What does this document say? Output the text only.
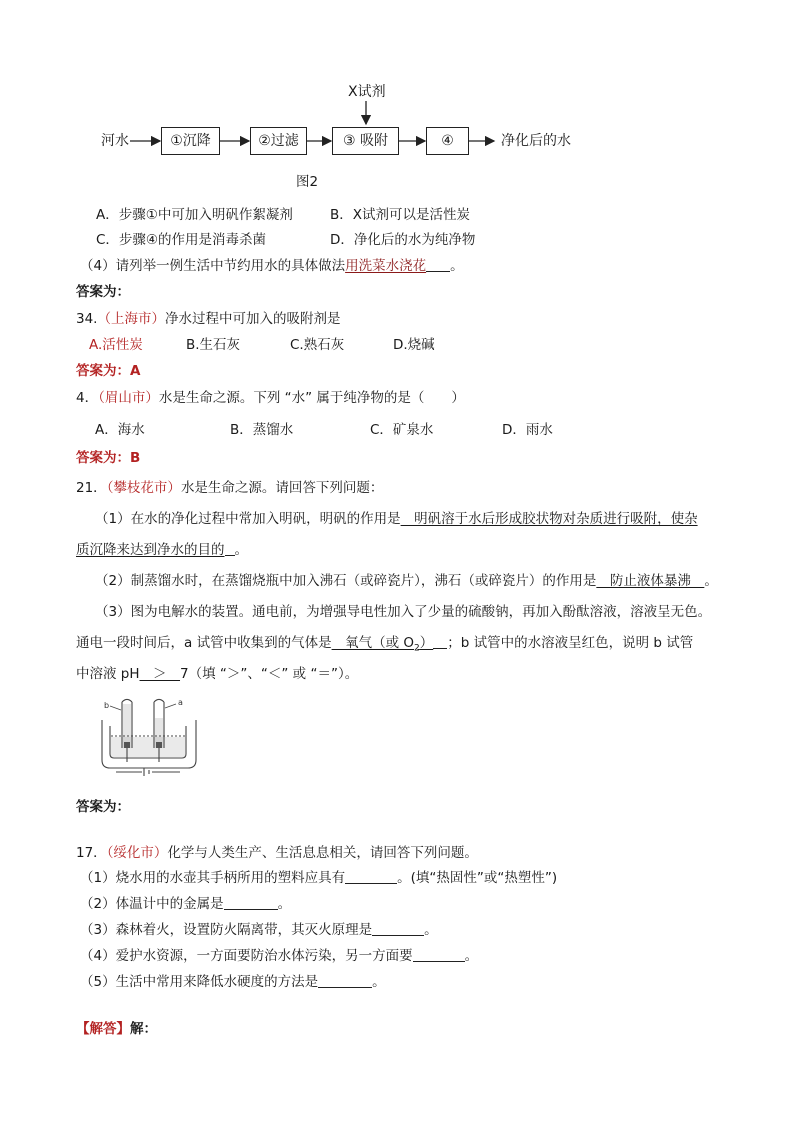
X试剂
河水	①沉降	②过滤	③ 吸附	④	净化后的水
图2
A．步骤①中可加入明矾作絮凝剂	B．X试剂可以是活性炭
C．步骤④的作用是消毒杀菌	D．净化后的水为纯净物
（4）请列举一例生活中节约用水的具体做法用洗菜水浇花 。
答案为：
34.（上海市）净水过程中可加入的吸附剂是
A.活性炭	B.生石灰	C.熟石灰	D.烧碱
答案为：A
4．（眉山市）水是生命之源。下列 “水” 属于纯净物的是（　　）
A．海水	B．蒸馏水	C．矿泉水	D．雨水
答案为：B
21．（攀枝花市）水是生命之源。请回答下列问题：
（1）在水的净化过程中常加入明矾，明矾的作用是　明矾溶于水后形成胶状物对杂质进行吸附，使杂
质沉降来达到净水的目的 。
（2）制蒸馏水时，在蒸馏烧瓶中加入沸石（或碎瓷片），沸石（或碎瓷片）的作用是　防止液体暴沸　。
（3）图为电解水的装置。通电前，为增强导电性加入了少量的硫酸钠，再加入酚酞溶液，溶液呈无色。
通电一段时间后，a 试管中收集到的气体是　氧气（或 $O_2$） ；b 试管中的水溶液呈红色，说明 b 试管
中溶液 pH　＞　7（填 “＞”、“＜” 或 “＝”）。
b	a
答案为：
17．（绥化市）化学与人类生产、生活息息相关，请回答下列问题。
（1）烧水用的水壶其手柄所用的塑料应具有	。(填“热固性”或“热塑性”)
（2）体温计中的金属是	。
（3）森林着火，设置防火隔离带，其灭火原理是	。
（4）爱护水资源，一方面要防治水体污染，另一方面要	。
（5）生活中常用来降低水硬度的方法是	。
【解答】解：
